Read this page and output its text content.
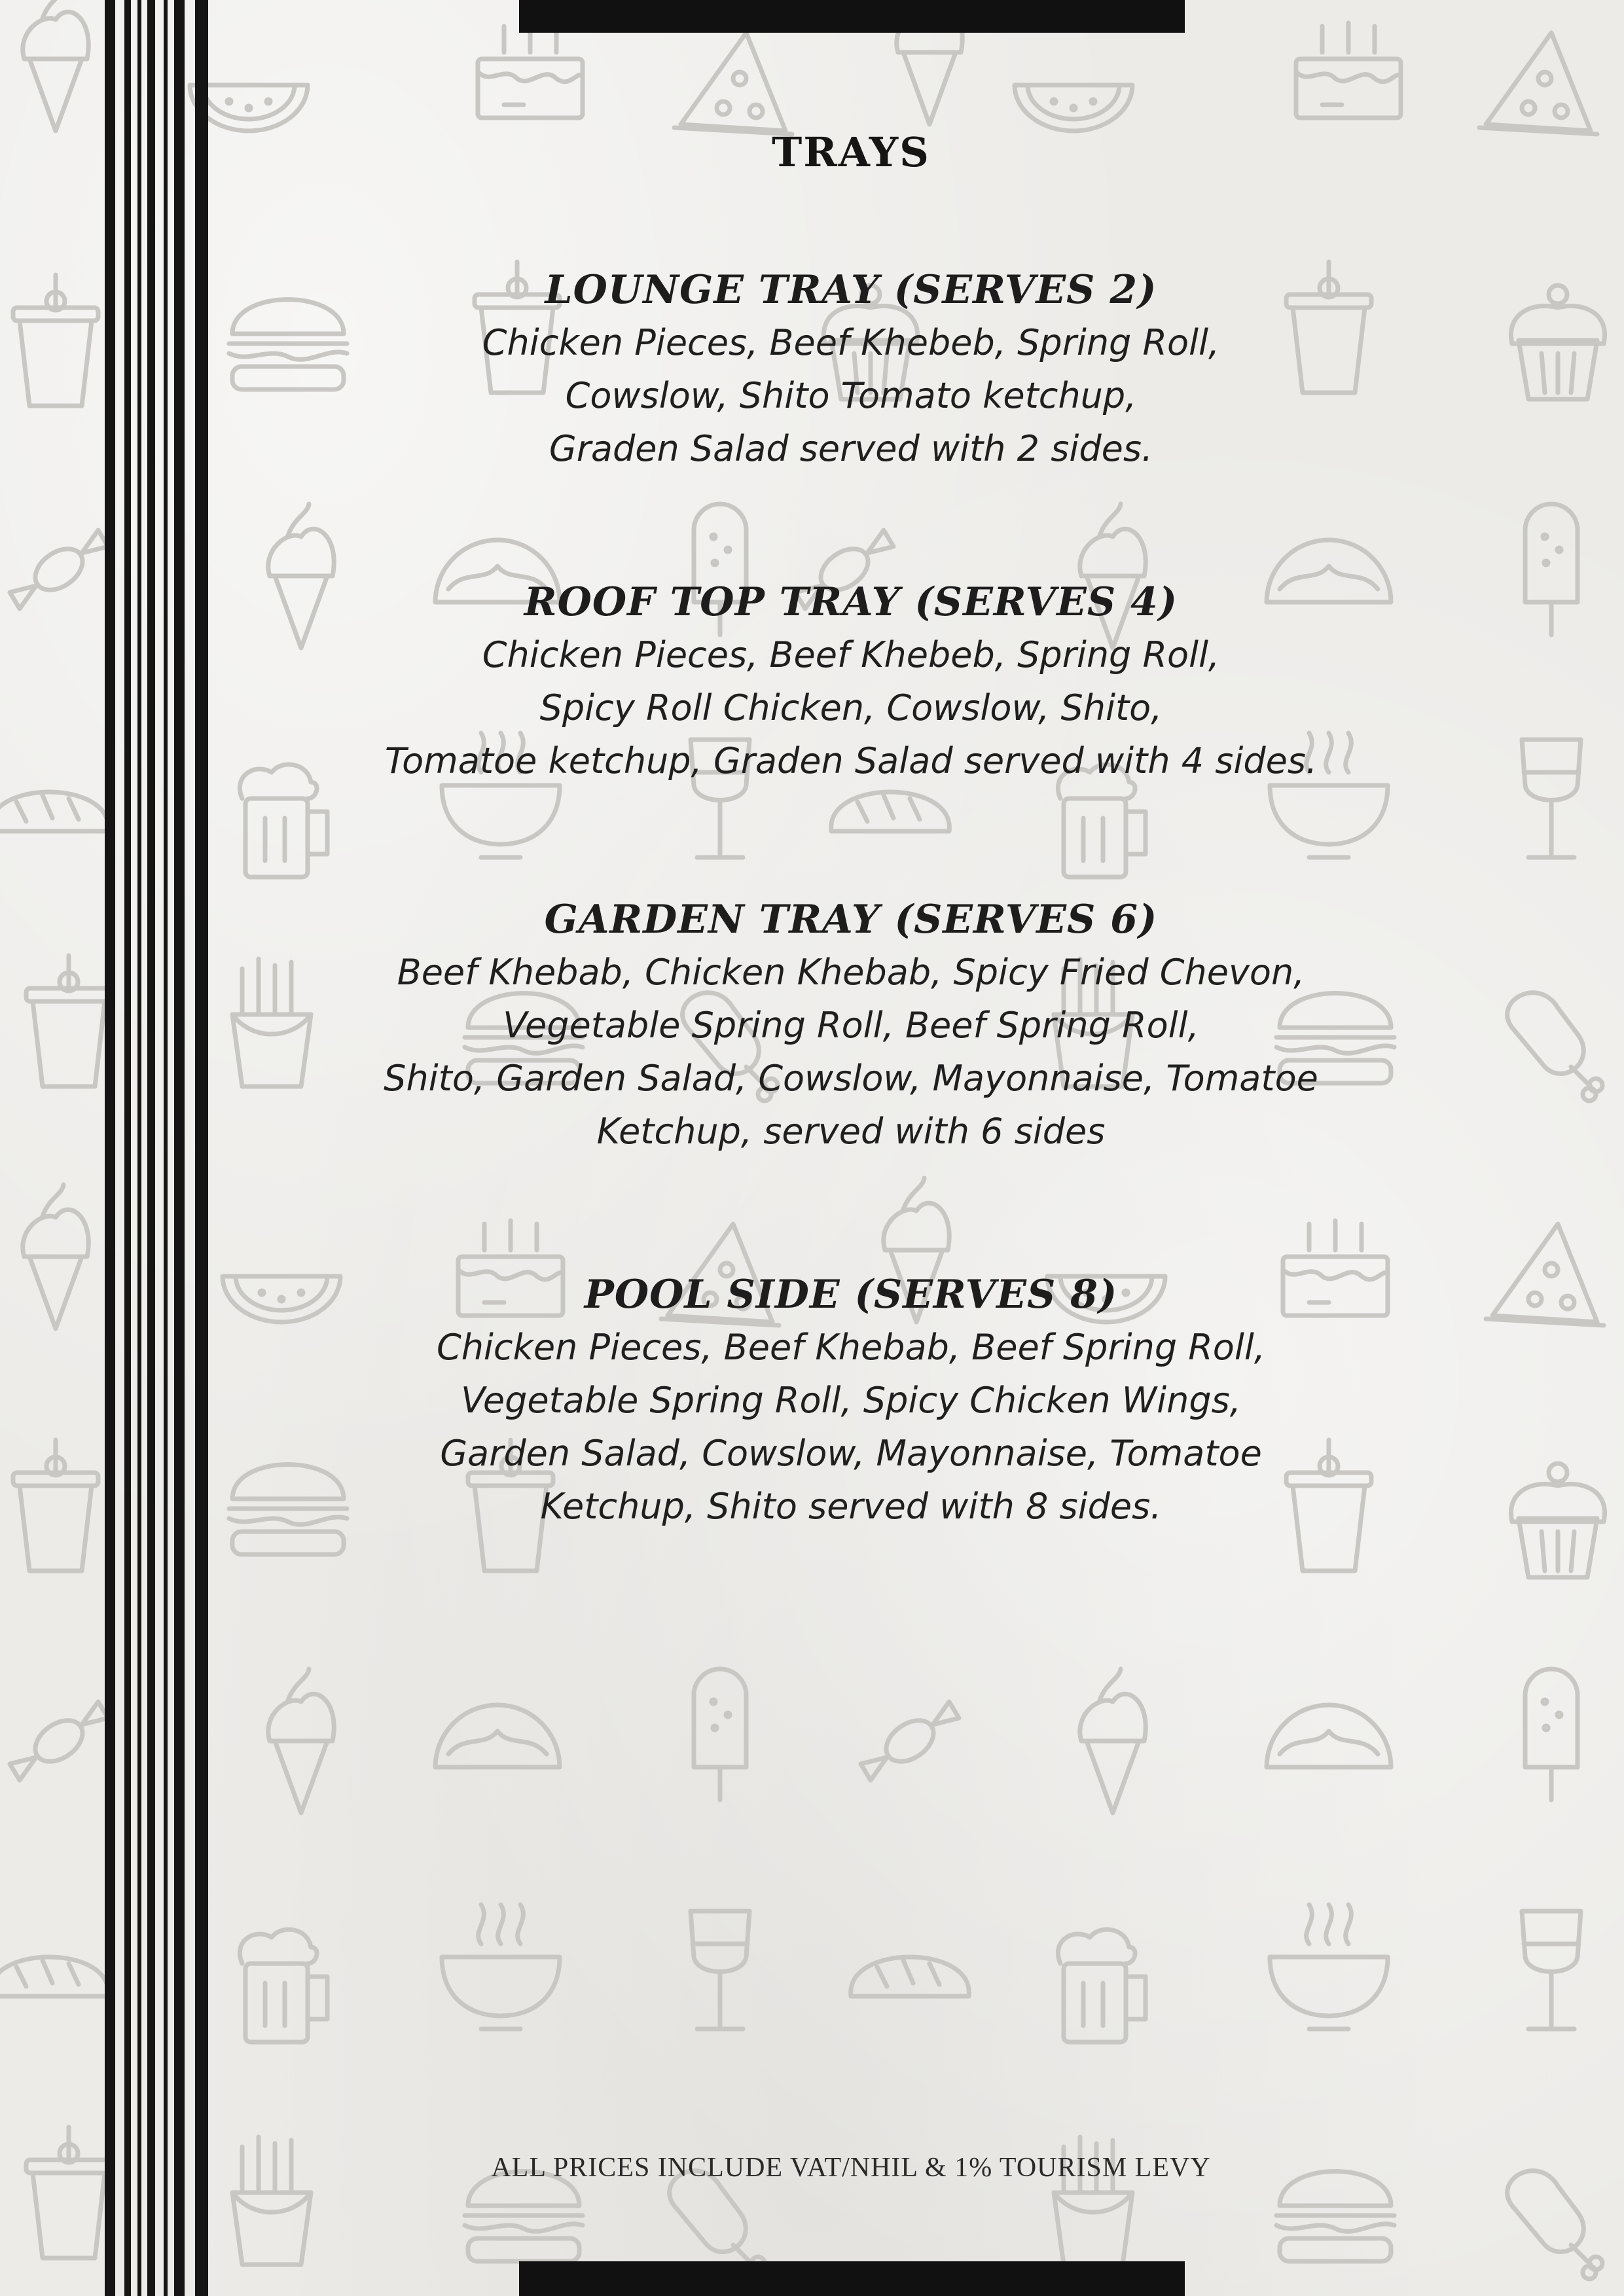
TRAYS
LOUNGE TRAY (SERVES 2)
Chicken Pieces, Beef Khebeb, Spring Roll,
Cowslow, Shito Tomato ketchup,
Graden Salad served with 2 sides.
ROOF TOP TRAY (SERVES 4)
Chicken Pieces, Beef Khebeb, Spring Roll,
Spicy Roll Chicken, Cowslow, Shito,
Tomatoe ketchup, Graden Salad served with 4 sides.
GARDEN TRAY (SERVES 6)
Beef Khebab, Chicken Khebab, Spicy Fried Chevon,
Vegetable Spring Roll, Beef Spring Roll,
Shito, Garden Salad, Cowslow, Mayonnaise, Tomatoe
Ketchup, served with 6 sides
POOL SIDE (SERVES 8)
Chicken Pieces, Beef Khebab, Beef Spring Roll,
Vegetable Spring Roll, Spicy Chicken Wings,
Garden Salad, Cowslow, Mayonnaise, Tomatoe
Ketchup, Shito served with 8 sides.
ALL PRICES INCLUDE VAT/NHIL & 1% TOURISM LEVY
